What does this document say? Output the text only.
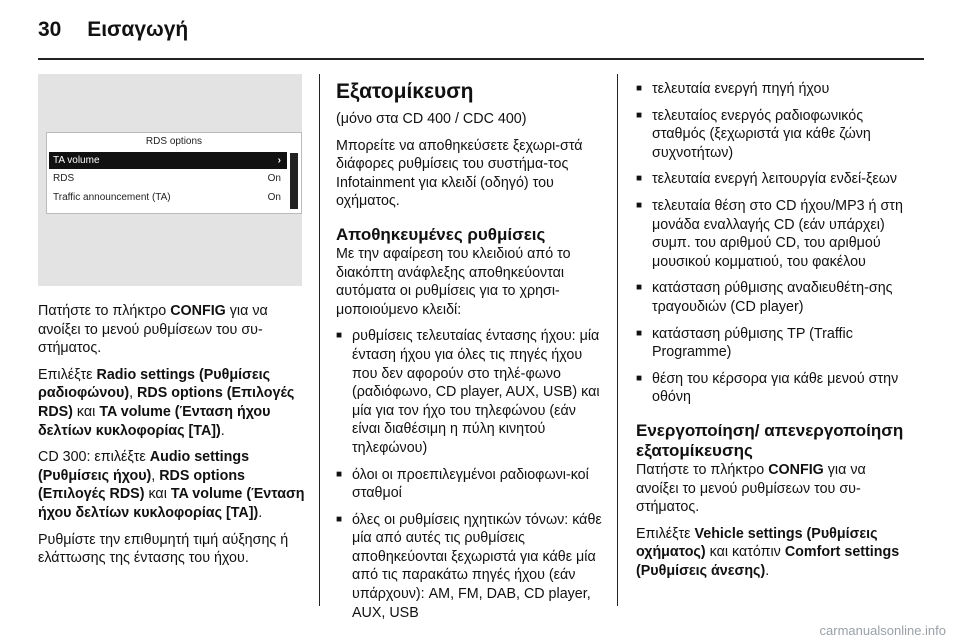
30 Εισαγωγή
RDS options
TA volume	›
RDS	On
Traffic announcement (TA)	On

Πατήστε το πλήκτρο CONFIG για να ανοίξει το μενού ρυθμίσεων του συ-στήματος.

Επιλέξτε Radio settings (Ρυθμίσεις ραδιοφώνου), RDS options (Επιλογές RDS) και TA volume (Ένταση ήχου δελτίων κυκλοφορίας [TA]).

CD 300: επιλέξτε Audio settings (Ρυθμίσεις ήχου), RDS options (Επιλογές RDS) και TA volume (Ένταση ήχου δελτίων κυκλοφορίας [TA]).

Ρυθμίστε την επιθυμητή τιμή αύξησης ή ελάττωσης της έντασης του ήχου.

Εξατομίκευση

(μόνο στα CD 400 / CDC 400)

Μπορείτε να αποθηκεύσετε ξεχωρι-στά διάφορες ρυθμίσεις του συστήμα-τος Infotainment για κλειδί (οδηγό) του οχήματος.

Αποθηκευμένες ρυθμίσεις

Με την αφαίρεση του κλειδιού από το διακόπτη ανάφλεξης αποθηκεύονται αυτόματα οι ρυθμίσεις για το χρησι-μοποιούμενο κλειδί:

■ ρυθμίσεις τελευταίας έντασης ήχου: μία ένταση ήχου για όλες τις πηγές ήχου που δεν αφορούν στο τηλέ-φωνο (ραδιόφωνο, CD player, AUX, USB) και μία για τον ήχο του τηλεφώνου (εάν είναι διαθέσιμη η πύλη κινητού τηλεφώνου)
■ όλοι οι προεπιλεγμένοι ραδιοφωνι-κοί σταθμοί
■ όλες οι ρυθμίσεις ηχητικών τόνων: κάθε μία από αυτές τις ρυθμίσεις αποθηκεύονται ξεχωριστά για κάθε μία από τις παρακάτω πηγές ήχου (εάν υπάρχουν): AM, FM, DAB, CD player, AUX, USB
■ τελευταία ενεργή πηγή ήχου
■ τελευταίος ενεργός ραδιοφωνικός σταθμός (ξεχωριστά για κάθε ζώνη συχνοτήτων)
■ τελευταία ενεργή λειτουργία ενδεί-ξεων
■ τελευταία θέση στο CD ήχου/MP3 ή στη μονάδα εναλλαγής CD (εάν υπάρχει) συμπ. του αριθμού CD, του αριθμού μουσικού κομματιού, του φακέλου
■ κατάσταση ρύθμισης αναδιευθέτη-σης τραγουδιών (CD player)
■ κατάσταση ρύθμισης TP (Traffic Programme)
■ θέση του κέρσορα για κάθε μενού στην οθόνη
Ενεργοποίηση/ απενεργοποίηση εξατομίκευσης

Πατήστε το πλήκτρο CONFIG για να ανοίξει το μενού ρυθμίσεων του συ-στήματος.

Επιλέξτε Vehicle settings (Ρυθμίσεις οχήματος) και κατόπιν Comfort settings (Ρυθμίσεις άνεσης).

carmanualsonline.info
